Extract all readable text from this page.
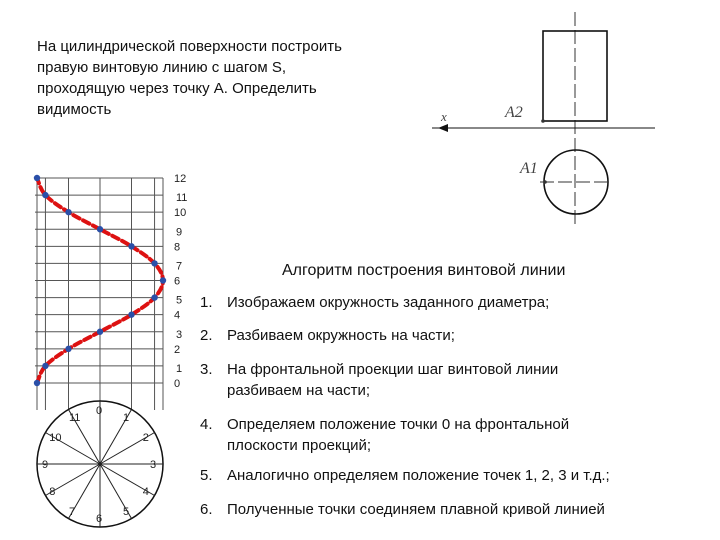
На цилиндрической поверхности построить
правую винтовую линию с шагом S,
проходящую через точку А. Определить
видимость	x	A2
A1
12
11
10
9
8
7
6
5
4
3
2
1
0
0
1
2
3
4
5
6
7
8
9
10
11
Алгоритм построения винтовой линии
1. Изображаем окружность заданного диаметра;
2. Разбиваем окружность на части;
3. На фронтальной проекции шаг винтовой линии
разбиваем на части;
4. Определяем положение точки 0 на фронтальной
плоскости проекций;
5. Аналогично определяем положение точек 1, 2, 3 и т.д.;
6. Полученные точки соединяем плавной кривой линией
